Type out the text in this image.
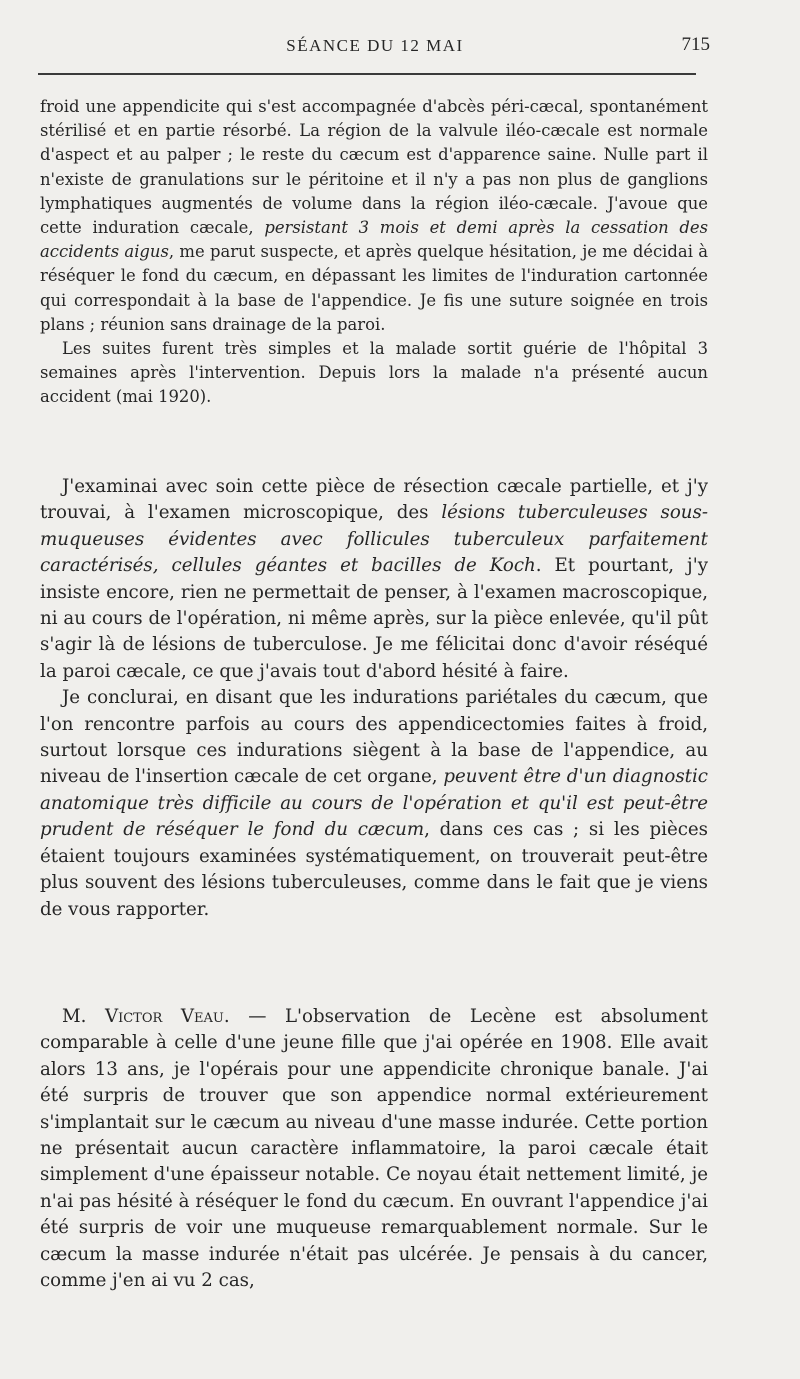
SÉANCE DU 12 MAI	715

froid une appendicite qui s'est accompagnée d'abcès péri-cæcal, spontanément stérilisé et en partie résorbé. La région de la valvule iléo-cæcale est normale d'aspect et au palper ; le reste du cæcum est d'apparence saine. Nulle part il n'existe de granulations sur le péritoine et il n'y a pas non plus de ganglions lymphatiques augmentés de volume dans la région iléo-cæcale. J'avoue que cette induration cæcale, persistant 3 mois et demi après la cessation des accidents aigus, me parut suspecte, et après quelque hésitation, je me décidai à réséquer le fond du cæcum, en dépassant les limites de l'induration cartonnée qui correspondait à la base de l'appendice. Je fis une suture soignée en trois plans ; réunion sans drainage de la paroi.

Les suites furent très simples et la malade sortit guérie de l'hôpital 3 semaines après l'intervention. Depuis lors la malade n'a présenté aucun accident (mai 1920).

J'examinai avec soin cette pièce de résection cæcale partielle, et j'y trouvai, à l'examen microscopique, des lésions tuberculeuses sous-muqueuses évidentes avec follicules tuberculeux parfaitement caractérisés, cellules géantes et bacilles de Koch. Et pourtant, j'y insiste encore, rien ne permettait de penser, à l'examen macroscopique, ni au cours de l'opération, ni même après, sur la pièce enlevée, qu'il pût s'agir là de lésions de tuberculose. Je me félicitai donc d'avoir réséqué la paroi cæcale, ce que j'avais tout d'abord hésité à faire.

Je conclurai, en disant que les indurations pariétales du cæcum, que l'on rencontre parfois au cours des appendicectomies faites à froid, surtout lorsque ces indurations siègent à la base de l'appendice, au niveau de l'insertion cæcale de cet organe, peuvent être d'un diagnostic anatomique très difficile au cours de l'opération et qu'il est peut-être prudent de réséquer le fond du cæcum, dans ces cas ; si les pièces étaient toujours examinées systématiquement, on trouverait peut-être plus souvent des lésions tuberculeuses, comme dans le fait que je viens de vous rapporter.

M. Victor Veau. — L'observation de Lecène est absolument comparable à celle d'une jeune fille que j'ai opérée en 1908. Elle avait alors 13 ans, je l'opérais pour une appendicite chronique banale. J'ai été surpris de trouver que son appendice normal extérieurement s'implantait sur le cæcum au niveau d'une masse indurée. Cette portion ne présentait aucun caractère inflammatoire, la paroi cæcale était simplement d'une épaisseur notable. Ce noyau était nettement limité, je n'ai pas hésité à réséquer le fond du cæcum. En ouvrant l'appendice j'ai été surpris de voir une muqueuse remarquablement normale. Sur le cæcum la masse indurée n'était pas ulcérée. Je pensais à du cancer, comme j'en ai vu 2 cas,
